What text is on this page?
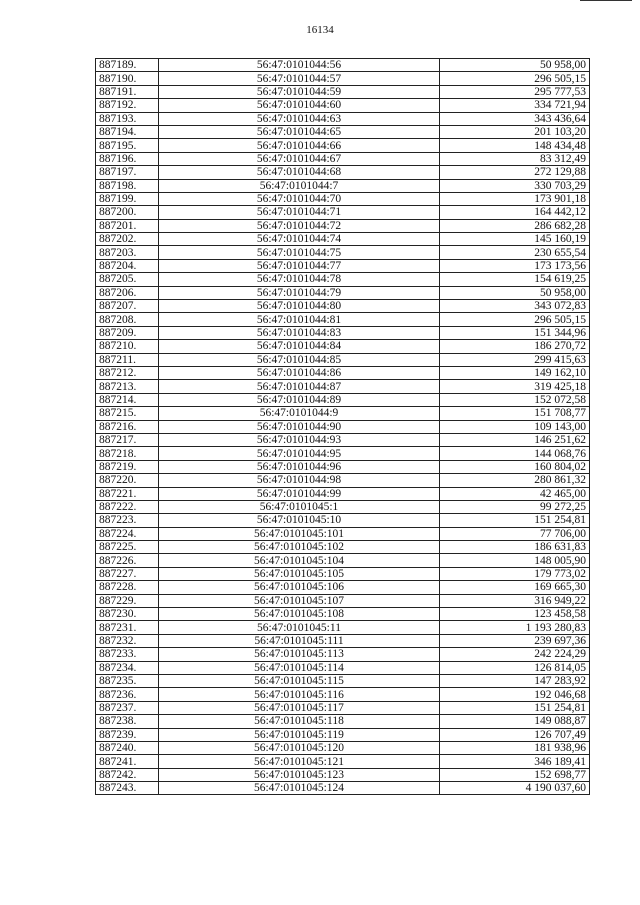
16134
887189.	56:47:0101044:56	50 958,00
887190.	56:47:0101044:57	296 505,15
887191.	56:47:0101044:59	295 777,53
887192.	56:47:0101044:60	334 721,94
887193.	56:47:0101044:63	343 436,64
887194.	56:47:0101044:65	201 103,20
887195.	56:47:0101044:66	148 434,48
887196.	56:47:0101044:67	83 312,49
887197.	56:47:0101044:68	272 129,88
887198.	56:47:0101044:7	330 703,29
887199.	56:47:0101044:70	173 901,18
887200.	56:47:0101044:71	164 442,12
887201.	56:47:0101044:72	286 682,28
887202.	56:47:0101044:74	145 160,19
887203.	56:47:0101044:75	230 655,54
887204.	56:47:0101044:77	173 173,56
887205.	56:47:0101044:78	154 619,25
887206.	56:47:0101044:79	50 958,00
887207.	56:47:0101044:80	343 072,83
887208.	56:47:0101044:81	296 505,15
887209.	56:47:0101044:83	151 344,96
887210.	56:47:0101044:84	186 270,72
887211.	56:47:0101044:85	299 415,63
887212.	56:47:0101044:86	149 162,10
887213.	56:47:0101044:87	319 425,18
887214.	56:47:0101044:89	152 072,58
887215.	56:47:0101044:9	151 708,77
887216.	56:47:0101044:90	109 143,00
887217.	56:47:0101044:93	146 251,62
887218.	56:47:0101044:95	144 068,76
887219.	56:47:0101044:96	160 804,02
887220.	56:47:0101044:98	280 861,32
887221.	56:47:0101044:99	42 465,00
887222.	56:47:0101045:1	99 272,25
887223.	56:47:0101045:10	151 254,81
887224.	56:47:0101045:101	77 706,00
887225.	56:47:0101045:102	186 631,83
887226.	56:47:0101045:104	148 005,90
887227.	56:47:0101045:105	179 773,02
887228.	56:47:0101045:106	169 665,30
887229.	56:47:0101045:107	316 949,22
887230.	56:47:0101045:108	123 458,58
887231.	56:47:0101045:11	1 193 280,83
887232.	56:47:0101045:111	239 697,36
887233.	56:47:0101045:113	242 224,29
887234.	56:47:0101045:114	126 814,05
887235.	56:47:0101045:115	147 283,92
887236.	56:47:0101045:116	192 046,68
887237.	56:47:0101045:117	151 254,81
887238.	56:47:0101045:118	149 088,87
887239.	56:47:0101045:119	126 707,49
887240.	56:47:0101045:120	181 938,96
887241.	56:47:0101045:121	346 189,41
887242.	56:47:0101045:123	152 698,77
887243.	56:47:0101045:124	4 190 037,60
